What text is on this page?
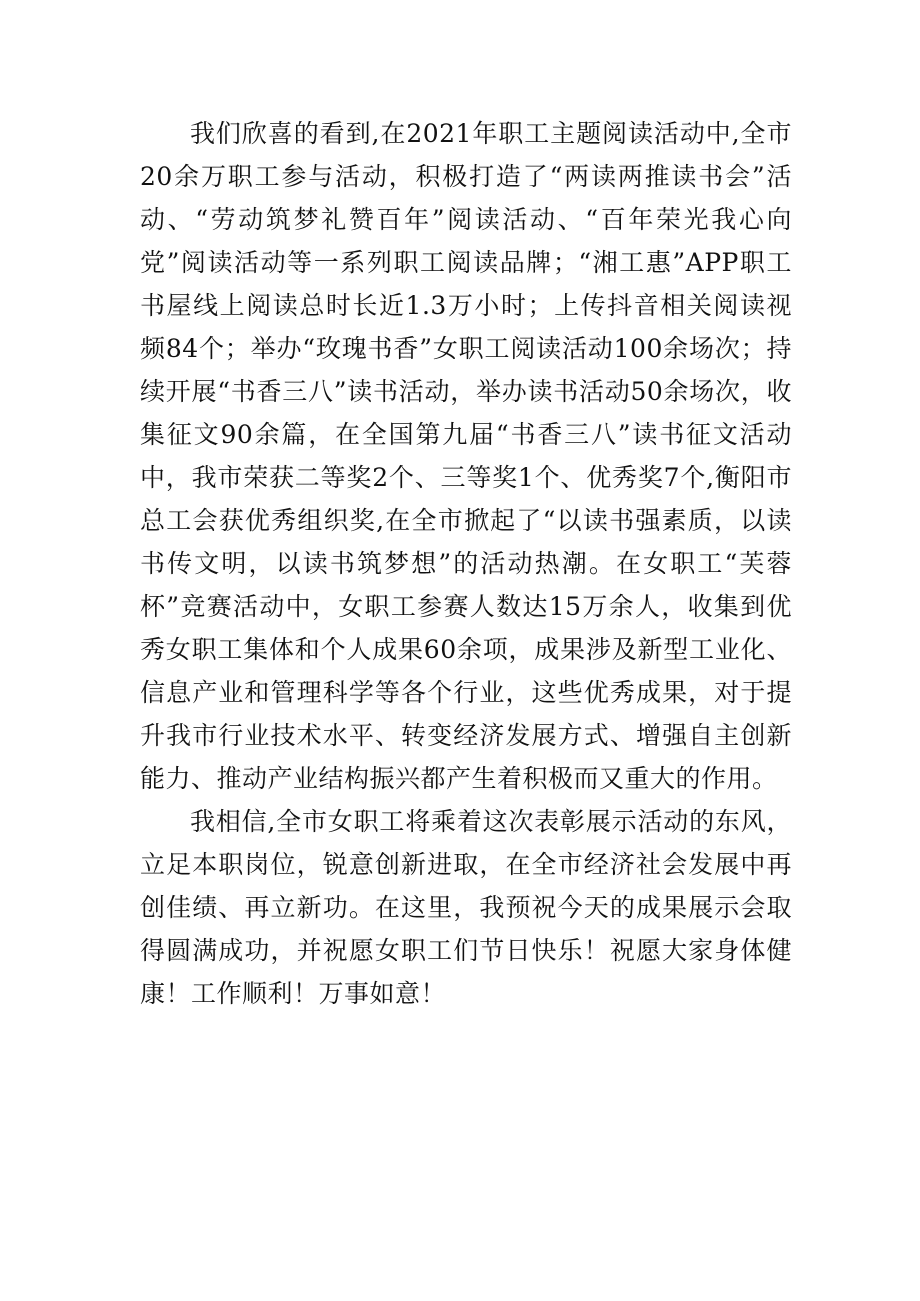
我们欣喜的看到,在2021年职工主题阅读活动中,全市20余万职工参与活动，积极打造了“两读两推读书会”活动、“劳动筑梦礼赞百年”阅读活动、“百年荣光我心向党”阅读活动等一系列职工阅读品牌；“湘工惠”APP职工书屋线上阅读总时长近1.3万小时；上传抖音相关阅读视频84个；举办“玫瑰书香”女职工阅读活动100余场次；持续开展“书香三八”读书活动，举办读书活动50余场次，收集征文90余篇，在全国第九届“书香三八”读书征文活动中，我市荣获二等奖2个、三等奖1个、优秀奖7个,衡阳市总工会获优秀组织奖,在全市掀起了“以读书强素质，以读书传文明，以读书筑梦想”的活动热潮。在女职工“芙蓉杯”竞赛活动中，女职工参赛人数达15万余人，收集到优秀女职工集体和个人成果60余项，成果涉及新型工业化、信息产业和管理科学等各个行业，这些优秀成果，对于提升我市行业技术水平、转变经济发展方式、增强自主创新能力、推动产业结构振兴都产生着积极而又重大的作用。

我相信,全市女职工将乘着这次表彰展示活动的东风，立足本职岗位，锐意创新进取，在全市经济社会发展中再创佳绩、再立新功。在这里，我预祝今天的成果展示会取得圆满成功，并祝愿女职工们节日快乐！祝愿大家身体健康！工作顺利！万事如意！
